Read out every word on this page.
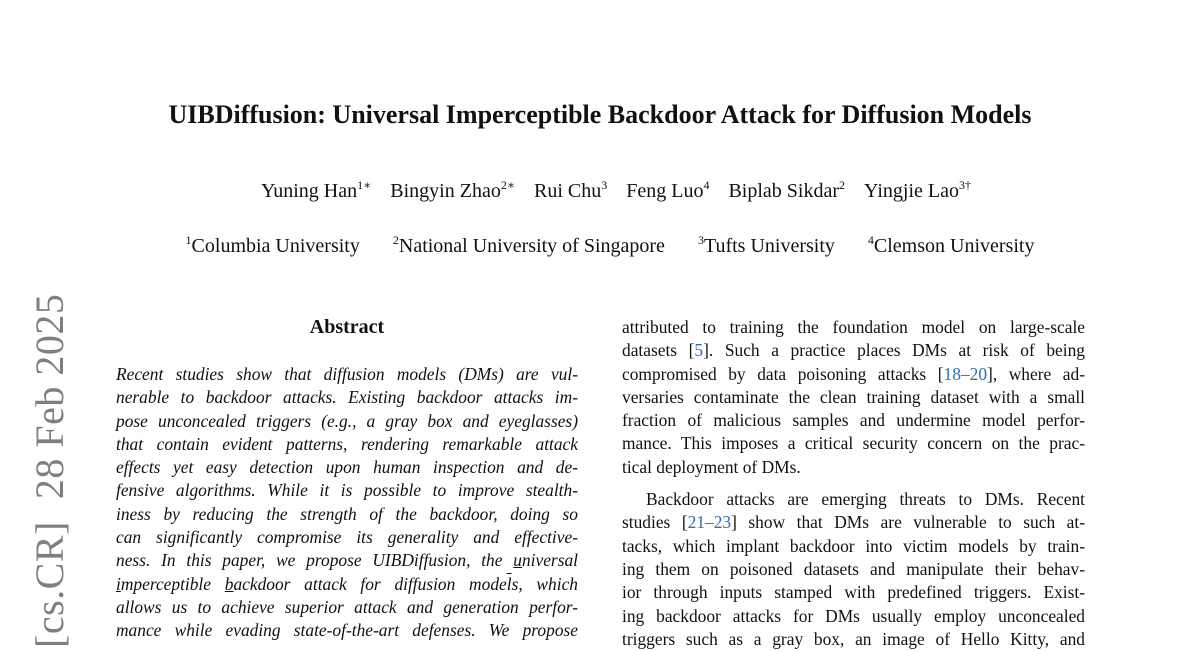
[cs.CR]28 Feb 2025
UIBDiffusion: Universal Imperceptible Backdoor Attack for Diffusion Models
Yuning Han$^{1∗}$ Bingyin Zhao$^{2∗}$ Rui Chu$^3$ Feng Luo$^4$ Biplab Sikdar$^2$ Yingjie Lao$^{3\dagger}$
$^1$Columbia University	$^2$National University of Singapore	$^3$Tufts University	$^4$Clemson University
Abstract
Recent studies show that diffusion models (DMs) are vul-
nerable to backdoor attacks. Existing backdoor attacks im-
pose unconcealed triggers (e.g., a gray box and eyeglasses)
that contain evident patterns, rendering remarkable attack
effects yet easy detection upon human inspection and de-
fensive algorithms. While it is possible to improve stealth-
iness by reducing the strength of the backdoor, doing so
can significantly compromise its generality and effective-
ness. In this paper, we propose UIBDiffusion, the universal
imperceptible backdoor attack for diffusion $mode\overline{l}s$, which
allows us to achieve superior attack and generation perfor-
mance while evading state-of-the-art defenses. We propose
attributed to training the foundation model on large-scale
datasets [5]. Such a practice places DMs at risk of being
compromised by data poisoning attacks [18–20], where ad-
versaries contaminate the clean training dataset with a small
fraction of malicious samples and undermine model perfor-
mance. This imposes a critical security concern on the prac-
tical deployment of DMs.
Backdoor attacks are emerging threats to DMs. Recent
studies [21–23] show that DMs are vulnerable to such at-
tacks, which implant backdoor into victim models by train-
ing them on poisoned datasets and manipulate their behav-
ior through inputs stamped with predefined triggers. Exist-
ing backdoor attacks for DMs usually employ unconcealed
triggers such as a gray box, an image of Hello Kitty, and
